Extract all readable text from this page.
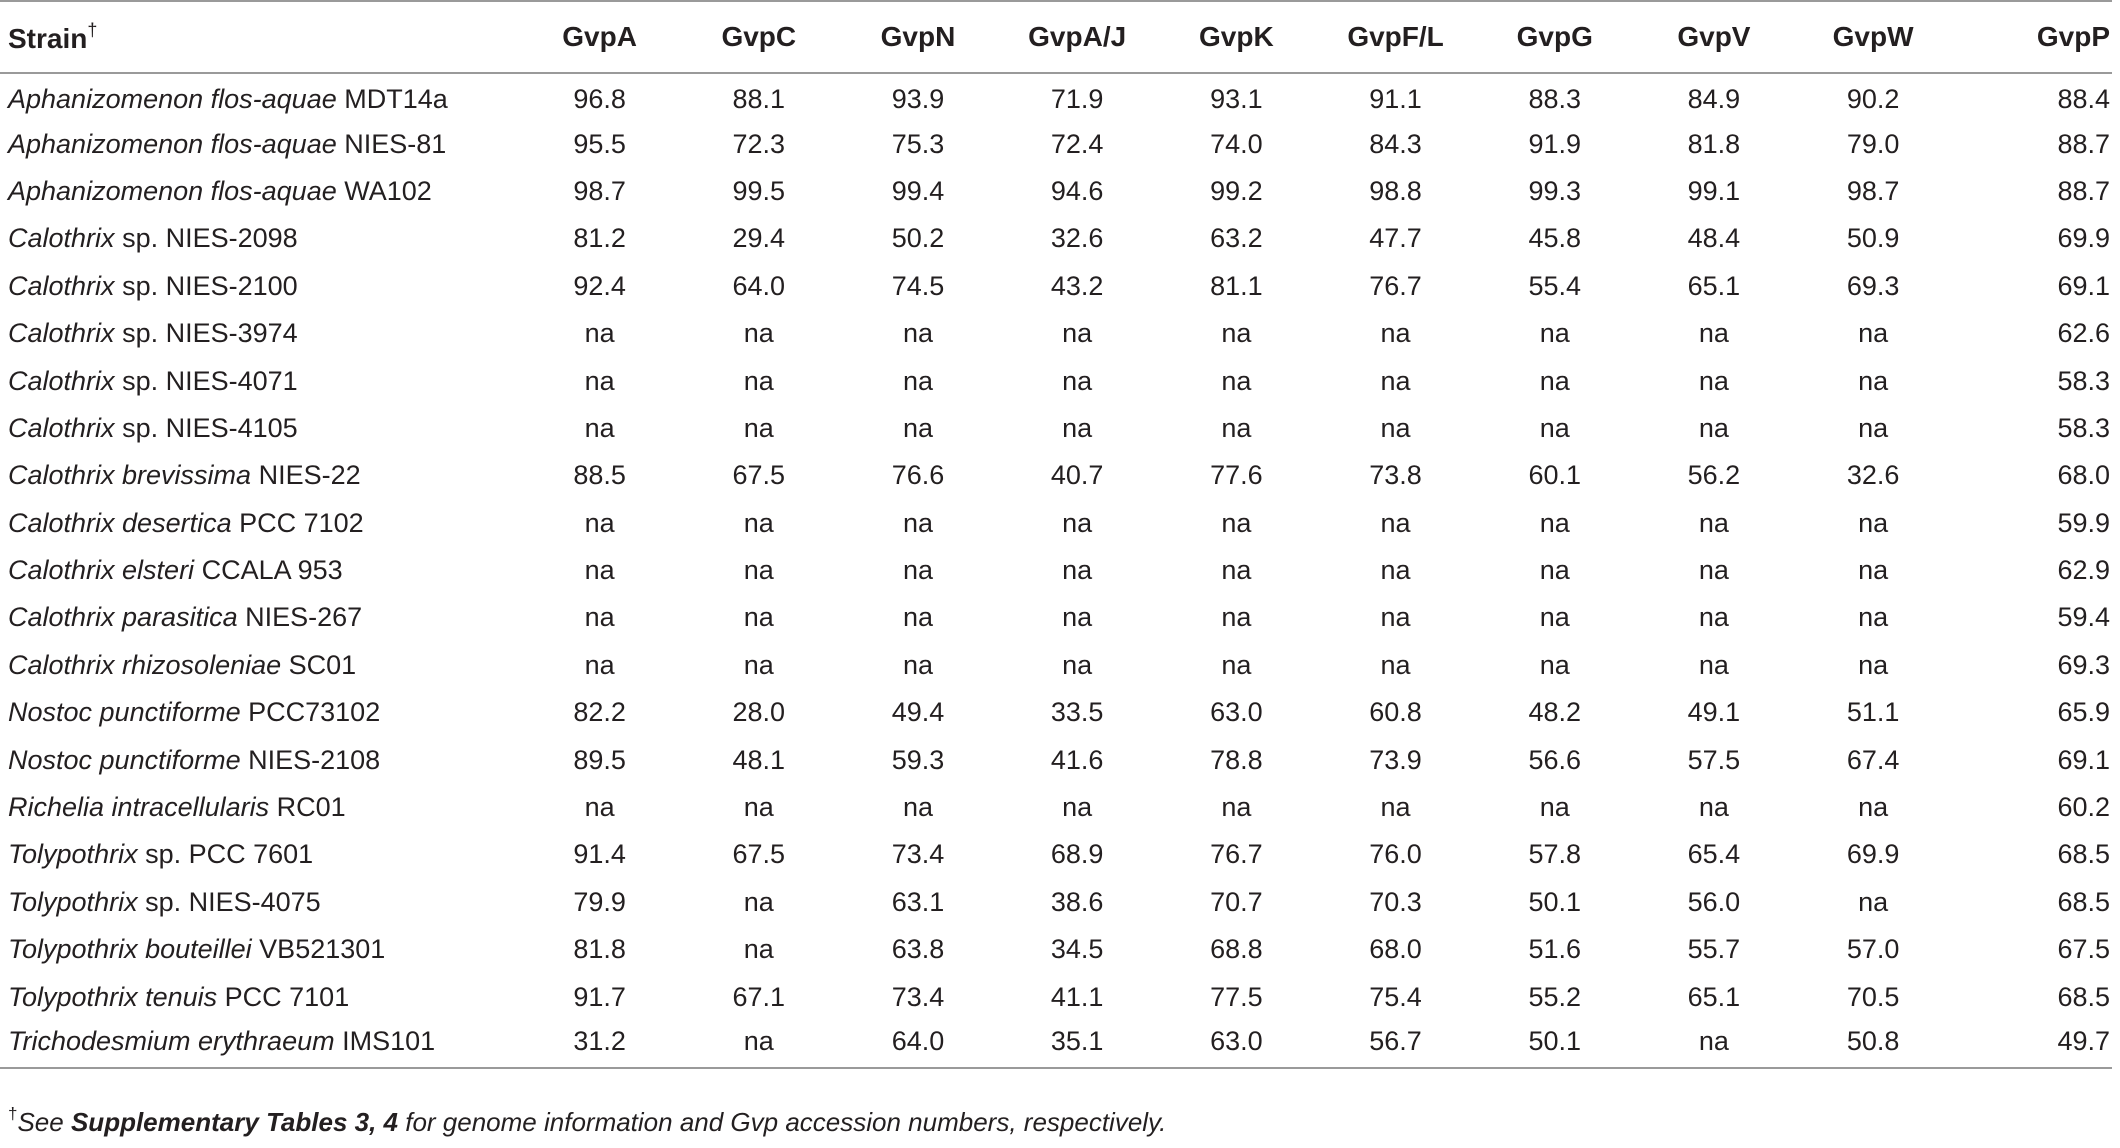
Strain†	GvpA	GvpC	GvpN	GvpA/J	GvpK	GvpF/L	GvpG	GvpV	GvpW	GvpP
Aphanizomenon flos-aquae MDT14a	96.8	88.1	93.9	71.9	93.1	91.1	88.3	84.9	90.2	88.4
Aphanizomenon flos-aquae NIES-81	95.5	72.3	75.3	72.4	74.0	84.3	91.9	81.8	79.0	88.7
Aphanizomenon flos-aquae WA102	98.7	99.5	99.4	94.6	99.2	98.8	99.3	99.1	98.7	88.7
Calothrix sp. NIES-2098	81.2	29.4	50.2	32.6	63.2	47.7	45.8	48.4	50.9	69.9
Calothrix sp. NIES-2100	92.4	64.0	74.5	43.2	81.1	76.7	55.4	65.1	69.3	69.1
Calothrix sp. NIES-3974	na	na	na	na	na	na	na	na	na	62.6
Calothrix sp. NIES-4071	na	na	na	na	na	na	na	na	na	58.3
Calothrix sp. NIES-4105	na	na	na	na	na	na	na	na	na	58.3
Calothrix brevissima NIES-22	88.5	67.5	76.6	40.7	77.6	73.8	60.1	56.2	32.6	68.0
Calothrix desertica PCC 7102	na	na	na	na	na	na	na	na	na	59.9
Calothrix elsteri CCALA 953	na	na	na	na	na	na	na	na	na	62.9
Calothrix parasitica NIES-267	na	na	na	na	na	na	na	na	na	59.4
Calothrix rhizosoleniae SC01	na	na	na	na	na	na	na	na	na	69.3
Nostoc punctiforme PCC73102	82.2	28.0	49.4	33.5	63.0	60.8	48.2	49.1	51.1	65.9
Nostoc punctiforme NIES-2108	89.5	48.1	59.3	41.6	78.8	73.9	56.6	57.5	67.4	69.1
Richelia intracellularis RC01	na	na	na	na	na	na	na	na	na	60.2
Tolypothrix sp. PCC 7601	91.4	67.5	73.4	68.9	76.7	76.0	57.8	65.4	69.9	68.5
Tolypothrix sp. NIES-4075	79.9	na	63.1	38.6	70.7	70.3	50.1	56.0	na	68.5
Tolypothrix bouteillei VB521301	81.8	na	63.8	34.5	68.8	68.0	51.6	55.7	57.0	67.5
Tolypothrix tenuis PCC 7101	91.7	67.1	73.4	41.1	77.5	75.4	55.2	65.1	70.5	68.5
Trichodesmium erythraeum IMS101	31.2	na	64.0	35.1	63.0	56.7	50.1	na	50.8	49.7
†See Supplementary Tables 3, 4 for genome information and Gvp accession numbers, respectively.
